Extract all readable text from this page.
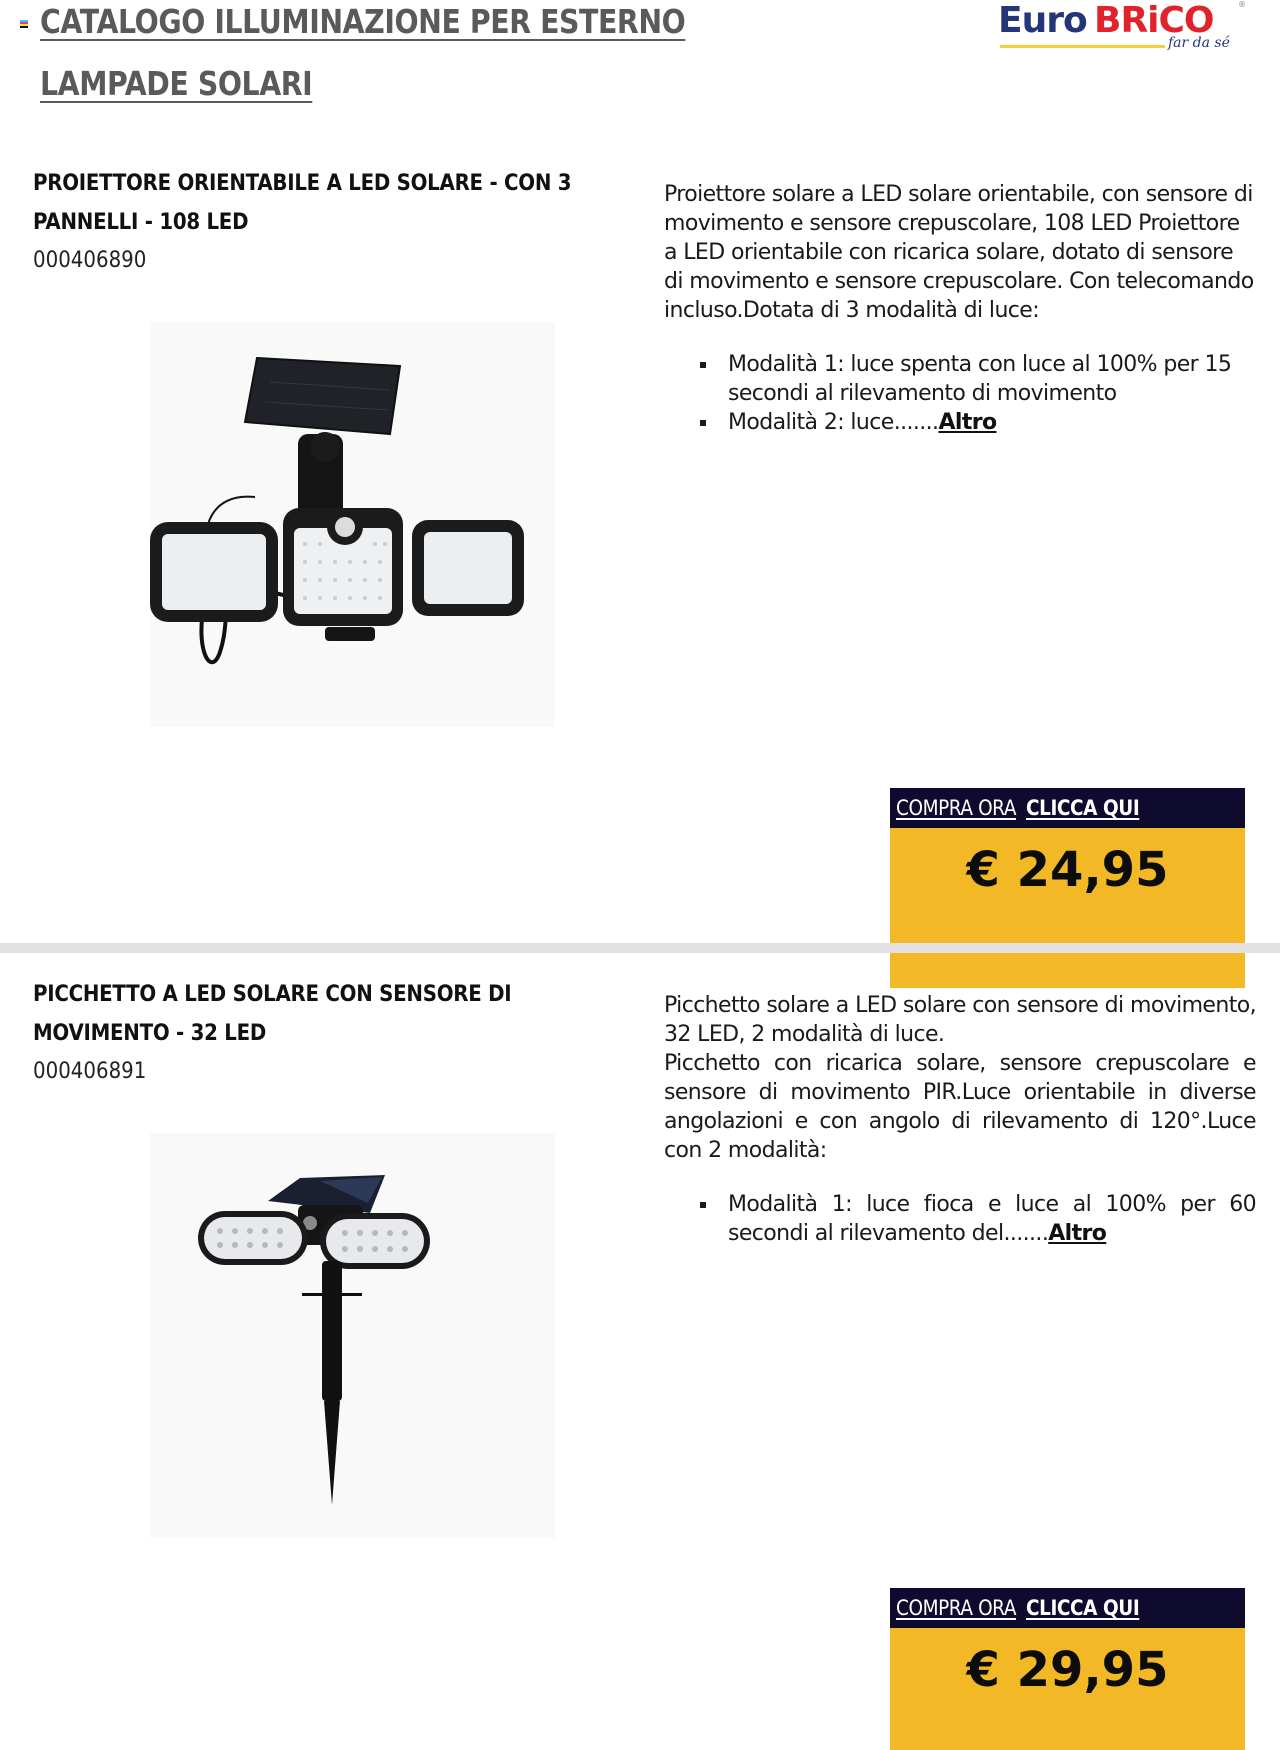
CATALOGO ILLUMINAZIONE PER ESTERNO
LAMPADE SOLARI
Euro BRiCO	®
far da sé
PROIETTORE ORIENTABILE A LED SOLARE - CON 3 PANNELLI - 108 LED
000406890

Proiettore solare a LED solare orientabile, con sensore di movimento e sensore crepuscolare, 108 LED Proiettore a LED orientabile con ricarica solare, dotato di sensore di movimento e sensore crepuscolare. Con telecomando incluso.Dotata di 3 modalità di luce:

Modalità 1: luce spenta con luce al 100% per 15 secondi al rilevamento di movimento
Modalità 2: luce.......Altro
COMPRA ORA CLICCA QUI
€ 24,95
PICCHETTO A LED SOLARE CON SENSORE DI MOVIMENTO - 32 LED
000406891

Picchetto solare a LED solare con sensore di movimento, 32 LED, 2 modalità di luce.

Picchetto con ricarica solare, sensore crepuscolare e sensore di movimento PIR.Luce orientabile in diverse angolazioni e con angolo di rilevamento di 120°.Luce con 2 modalità:

Modalità 1: luce fioca e luce al 100% per 60 secondi al rilevamento del.......Altro
COMPRA ORA CLICCA QUI
€ 29,95
